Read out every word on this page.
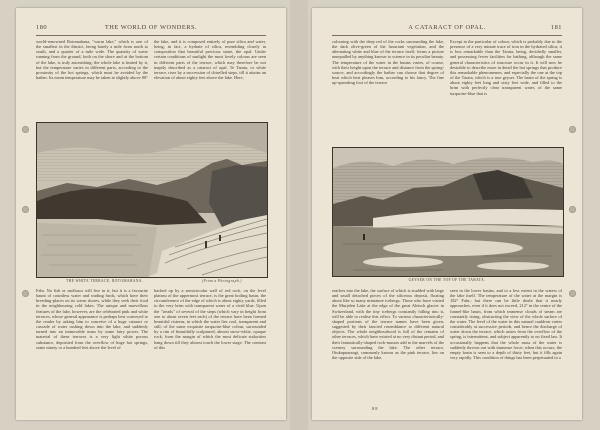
180	THE WORLD OF WONDERS.

world-renowned Rotomahana, "warm lake," which is one of the smallest in the district, being barely a mile from north to south, and a quarter of a mile wide. The quantity of water running from the ground, both on the shore and at the bottom of the lake, is truly astonishing; the whole lake is heated by it, but the temperature varies in different parts, according to the proximity of the hot springs, which must be avoided by the bather. Its mean temperature may be taken at slightly above 80°

the lake, and it is composed entirely of pure silica and water, being, in fact, a hydrate of silica, resembling closely in composition that beautiful precious stone, the opal. Under certain conditions of sunlight the most lovely colours are seen in different parts of the terrace, which may therefore be not inaptly described as a cataract of opal. Te Tarata, or white terrace, rises by a succession of chiselled steps, till it attains an elevation of about eighty feet above the lake. Here,

THE WHITE TERRACE, ROTOMAHANA.	(From a Photograph.)

Fahr. No fish or molluscs will live in it, but it is a favourite haunt of countless water and wading birds, which have their breeding-places on its warm shores, while they seek their food in the neighbouring cold lakes. The unique and marvellous features of the lake, however, are the celebrated pink and white terraces, whose general appearance is perhaps best conveyed to the reader by asking him to conceive of a huge cataract or cascade of water rushing down into the lake, and suddenly turned into an immovable mass by some fairy power. The material of these terraces is a very light white porous substance, deposited from the overflow of huge hot springs, some ninety or a hundred feet above the level of

backed up by a semicircular wall of red rock, on the level plateau of the uppermost terrace, is the great boiling basin, the circumference of the edge of which is about eighty yards, filled to the very brim with transparent water of a vivid blue. Upon the "treads" of several of the steps (which vary in height from one to about seven feet each) of the terrace have been formed beautiful cisterns, in which the water lies cool, transparent and still; of the same exquisite turquoise-blue colour, surrounded by a rim of beautifully sculptured, almost snow-white, opaque rock, from the margin of which the most delicate stalactites hang down till they almost touch the lower stage. The contrast of this

A CATARACT OF OPAL.	181

colouring with the deep red of the rocks surrounding the lake, the dark olive-green of the luxuriant vegetation, and the alternating white and blue of the terrace itself, forms a picture unequalled by anything known to science in its peculiar beauty. The temperature of the water in the basins varies, of course, with their height upon the terrace and distance from the spring-source, and accordingly the bather can choose that degree of heat which best pleases him, according to his fancy. The fine up-spreading foot of the terrace

Except in the particular of colour, which is probably due to the presence of a very minute trace of iron in the hydrated silica, it is less remarkable than the Tarata, being, decidedly smaller, and possessing fewer facilities for bathing, although the same general characteristics of structure occur in it. It will now be desirable to describe more in detail the hot springs that produce this remarkable phenomenon, and especially the one at the top of the Tarata, which is a true geyser. The basin of the spring is about eighty feet long and sixty feet wide, and filled to the brim with perfectly clear transparent water, of the same turquoise-blue that is

GEYSER ON THE TOP OF THE TARATA.

reaches into the lake, the surface of which is studded with large and small detached pieces of the siliceous deposit, floating about like so many miniature icebergs. Those who have visited the Murjelen Lake at the edge of the great Aletsch glacier in Switzerland, with the tiny icebergs constantly falling into it, will be able to realise this effect. To various characteristically-shaped portions of the terrace names have been given, suggested by their fancied resemblance to different natural objects. The whole neighbourhood is full of the remains of other terraces, which have existed at no very distant period, and their fantastically-shaped rock-masses add to the marvels of the scenery surrounding the lake. The other terrace, Otukapuarangi, commonly known as the pink terrace, lies on the opposite side of the lake,

seen in the lower basins, and to a less extent in the waters of the lake itself. The temperature of the water at the margin is 182° Fahr.; but there can be little doubt that it nearly approaches, even if it does not exceed, 212° in the centre of the funnel-like basin, from which immense clouds of steam are constantly rising, obstructing the view of the whole surface of the water. The level of the water in this natural cauldron varies considerably at successive periods, and hence the discharge of water down the terrace, which arises from the overflow of the spring, is intermittent, and subject apparently to no fixed law. It occasionally happens that the whole mass of the water is suddenly thrown out with immense force; when this occurs, the empty basin is seen to a depth of thirty feet, but it fills again very rapidly. This condition of things has been perpetuated in a

8 8
